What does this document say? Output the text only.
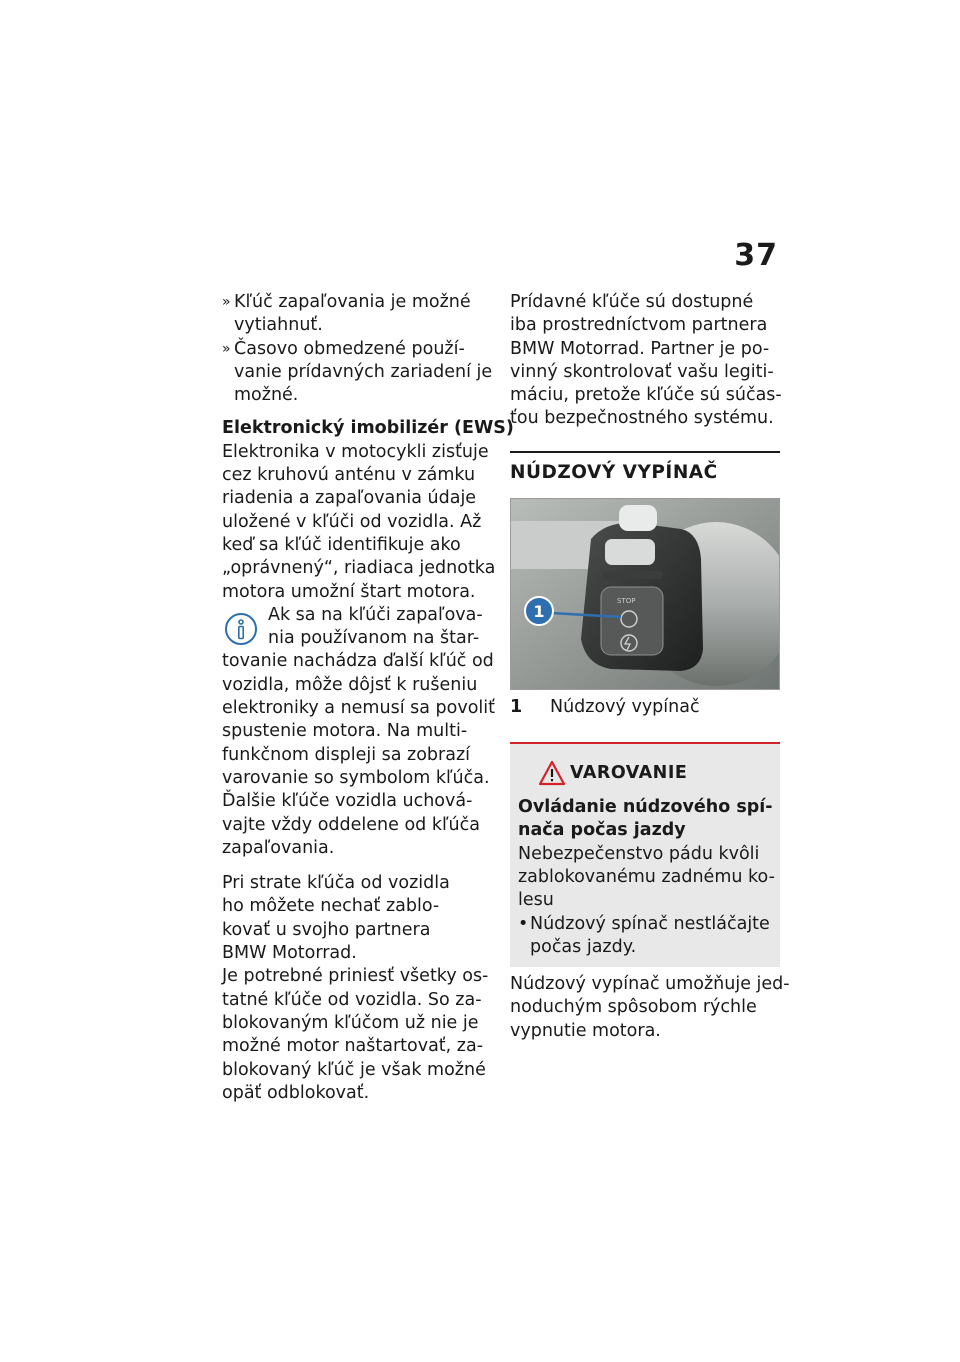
37
» Kľúč zapaľovania je možné
vytiahnuť.
» Časovo obmedzené použí-
vanie prídavných zariadení je
možné.
Elektronický imobilizér (EWS)
Elektronika v motocykli zisťuje
cez kruhovú anténu v zámku
riadenia a zapaľovania údaje
uložené v kľúči od vozidla. Až
keď sa kľúč identifikuje ako
„oprávnený“, riadiaca jednotka
motora umožní štart motora.
Ak sa na kľúči zapaľova-
nia používanom na štar-
tovanie nachádza ďalší kľúč od
vozidla, môže dôjsť k rušeniu
elektroniky a nemusí sa povoliť
spustenie motora. Na multi-
funkčnom displeji sa zobrazí
varovanie so symbolom kľúča.
Ďalšie kľúče vozidla uchová-
vajte vždy oddelene od kľúča
zapaľovania.
Pri strate kľúča od vozidla
ho môžete nechať zablo-
kovať u svojho partnera
BMW Motorrad.
Je potrebné priniesť všetky os-
tatné kľúče od vozidla. So za-
blokovaným kľúčom už nie je
možné motor naštartovať, za-
blokovaný kľúč je však možné
opäť odblokovať.
Prídavné kľúče sú dostupné
iba prostredníctvom partnera
BMW Motorrad. Partner je po-
vinný skontrolovať vašu legiti-
máciu, pretože kľúče sú súčas-
ťou bezpečnostného systému.
NÚDZOVÝ VYPÍNAČ
STOP
1
1 Núdzový vypínač
VAROVANIE
Ovládanie núdzového spí-
nača počas jazdy
Nebezpečenstvo pádu kvôli
zablokovanému zadnému ko-
lesu
• Núdzový spínač nestláčajte
počas jazdy.
Núdzový vypínač umožňuje jed-
noduchým spôsobom rýchle
vypnutie motora.
